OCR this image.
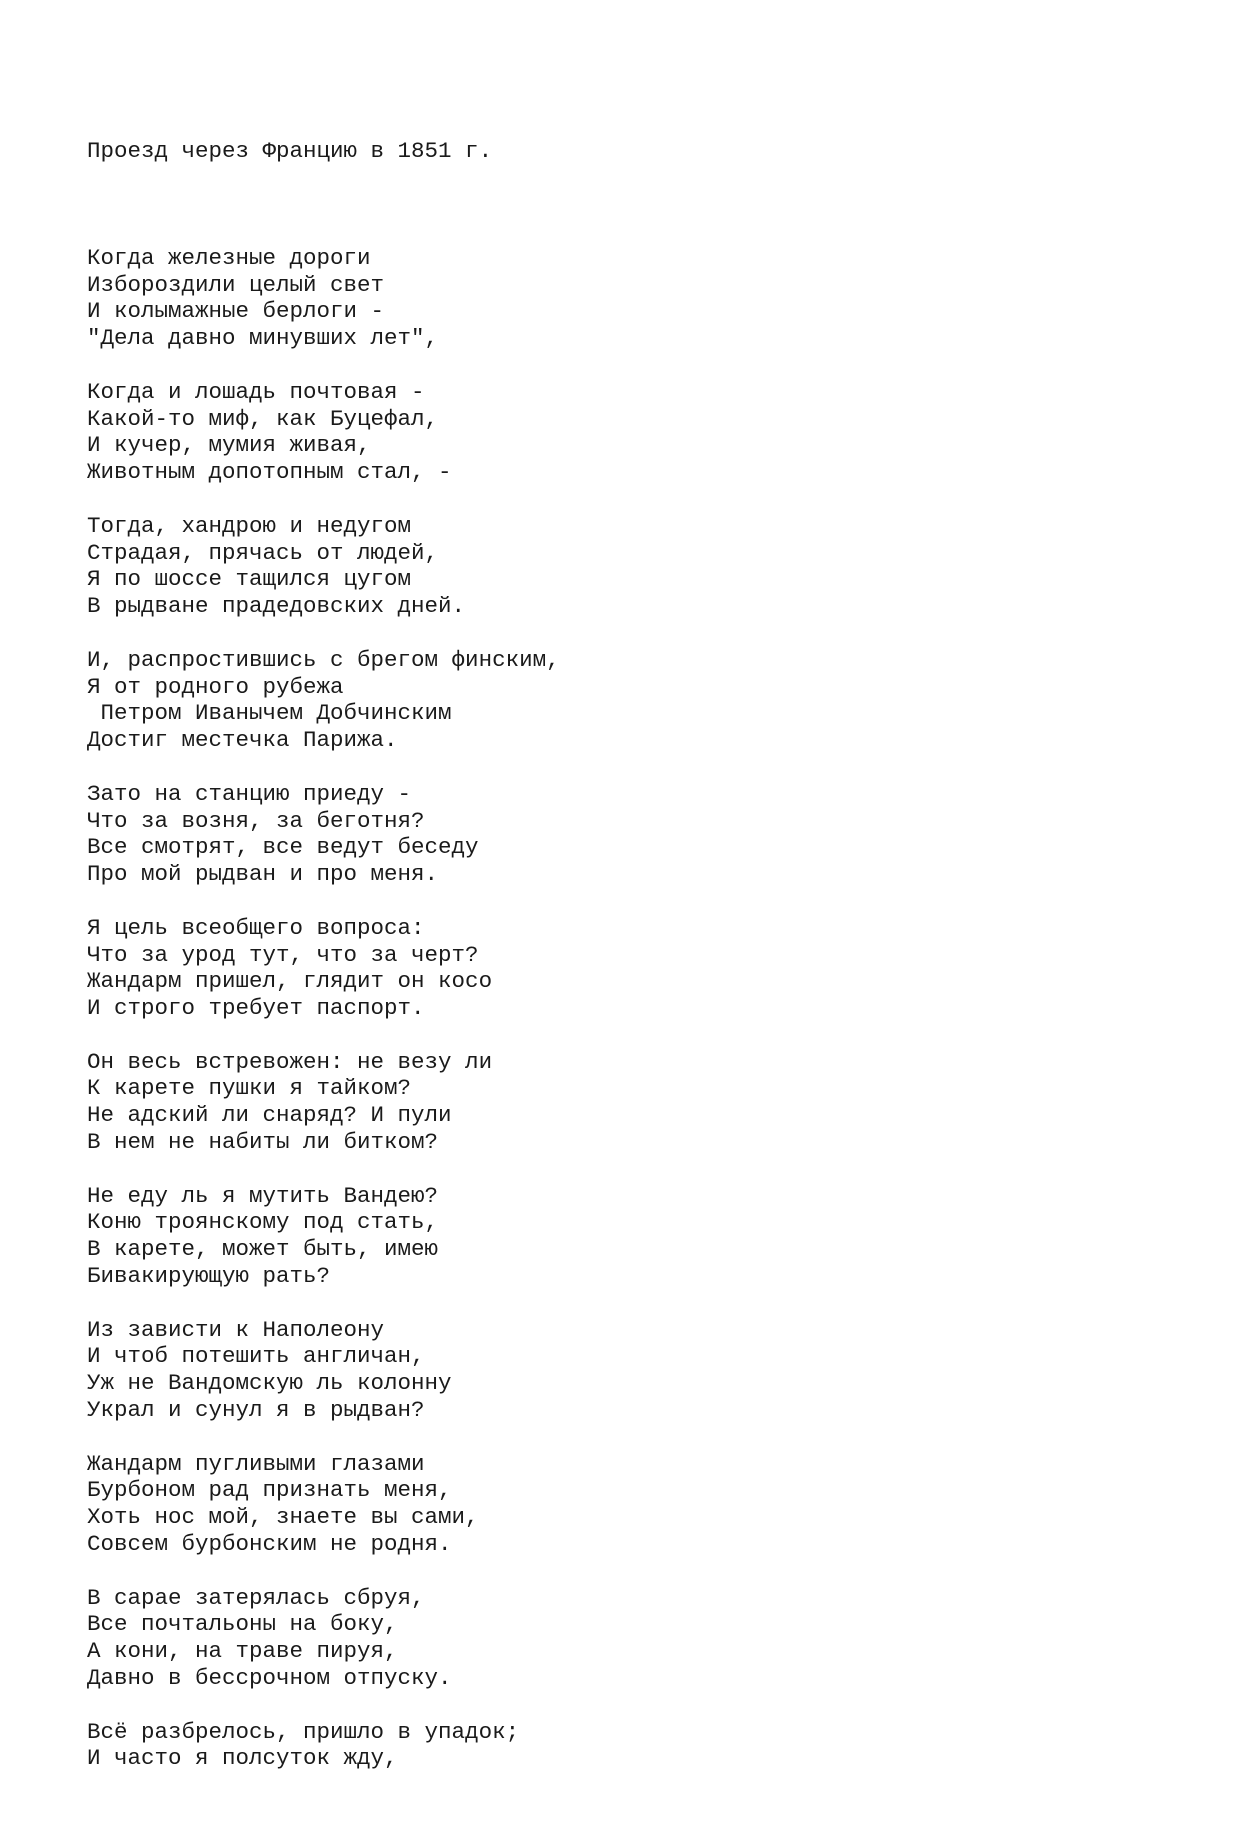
Проезд через Францию в 1851 г.

Когда железные дороги
Изборoздили целый свет
И колымажные берлоги -
"Дела давно минувших лет",
Когда и лошадь почтовая -
Какой-то миф, как Буцефал,
И кучер, мумия живая,
Животным допотопным стал, -
Тогда, хандрою и недугом
Страдая, прячась от людей,
Я по шоссе тащился цугом
В рыдване прадедовских дней.
И, распростившись с брегом финским,
Я от родного рубежа
Петром Иванычем Добчинским
Достиг местечка Парижа.
Зато на станцию приеду -
Что за возня, за беготня?
Все смотрят, все ведут беседу
Про мой рыдван и про меня.
Я цель всеобщего вопроса:
Что за урод тут, что за черт?
Жандарм пришел, глядит он косо
И строго требует паспорт.
Он весь встревожен: не везу ли
К карете пушки я тайком?
Не адский ли снаряд? И пули
В нем не набиты ли битком?
Не еду ль я мутить Вандею?
Коню троянскому под стать,
В карете, может быть, имею
Бивакирующую рать?
Из зависти к Наполеону
И чтоб потешить англичан,
Уж не Вандомскую ль колонну
Украл и сунул я в рыдван?
Жандарм пугливыми глазами
Бурбоном рад признать меня,
Хоть нос мой, знаете вы сами,
Совсем бурбонским не родня.
В сарае затерялась сбруя,
Все почтальоны на боку,
А кони, на траве пируя,
Давно в бессрочном отпуску.
Всё разбрелось, пришло в упадок;
И часто я полсуток жду,
